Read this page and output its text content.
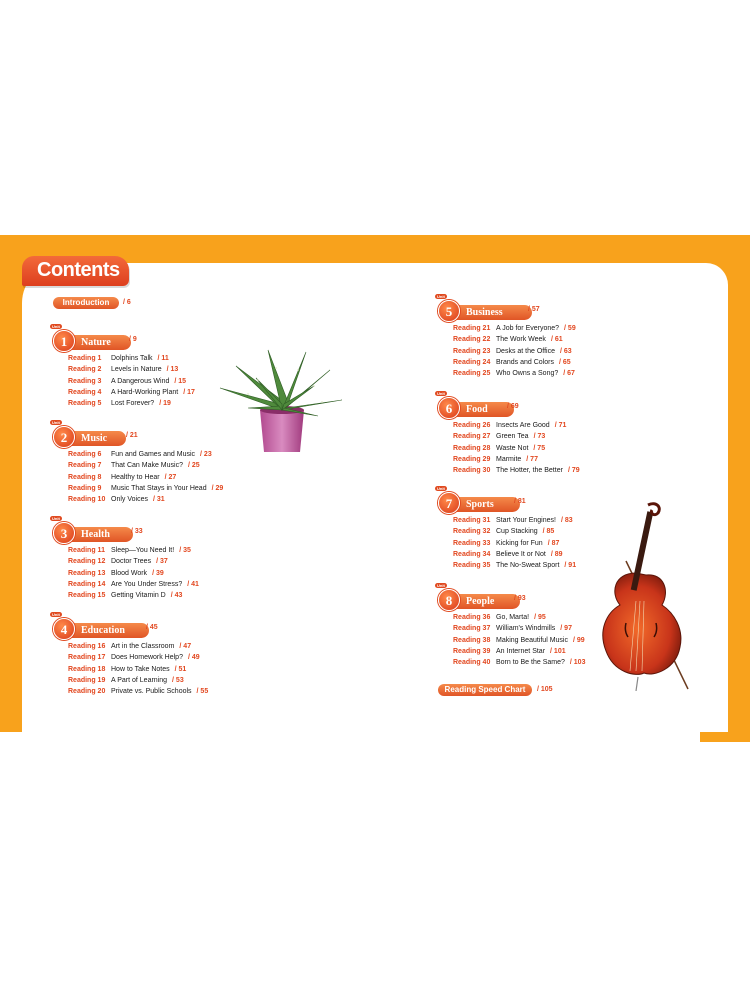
Contents
Introduction	/ 6
Nature
1
Unit
/ 9
Reading 1	Dolphins Talk / 11
Reading 2	Levels in Nature / 13
Reading 3	A Dangerous Wind / 15
Reading 4	A Hard-Working Plant / 17
Reading 5	Lost Forever? / 19
Music
2
Unit
/ 21
Reading 6	Fun and Games and Music / 23
Reading 7	That Can Make Music? / 25
Reading 8	Healthy to Hear / 27
Reading 9	Music That Stays in Your Head / 29
Reading 10 Only Voices / 31
Health
3
Unit
/ 33
Reading 11 Sleep—You Need It! / 35
Reading 12 Doctor Trees / 37
Reading 13 Blood Work / 39
Reading 14 Are You Under Stress? / 41
Reading 15 Getting Vitamin D / 43
Education
4
Unit
/ 45
Reading 16 Art in the Classroom / 47
Reading 17 Does Homework Help? / 49
Reading 18 How to Take Notes / 51
Reading 19 A Part of Learning / 53
Reading 20 Private vs. Public Schools / 55
Business
5
Unit
/ 57
Reading 21 A Job for Everyone? / 59
Reading 22 The Work Week / 61
Reading 23 Desks at the Office / 63
Reading 24 Brands and Colors / 65
Reading 25 Who Owns a Song? / 67
Food
6
Unit
/ 69
Reading 26 Insects Are Good / 71
Reading 27 Green Tea / 73
Reading 28 Waste Not / 75
Reading 29 Marmite / 77
Reading 30 The Hotter, the Better / 79
Sports
7
Unit
/ 81
Reading 31 Start Your Engines! / 83
Reading 32 Cup Stacking / 85
Reading 33 Kicking for Fun / 87
Reading 34 Believe It or Not / 89
Reading 35 The No-Sweat Sport / 91
People
8
Unit
/ 93
Reading 36 Go, Marta! / 95
Reading 37 William's Windmills / 97
Reading 38 Making Beautiful Music / 99
Reading 39 An Internet Star / 101
Reading 40 Born to Be the Same? / 103
Reading Speed Chart	/ 105
